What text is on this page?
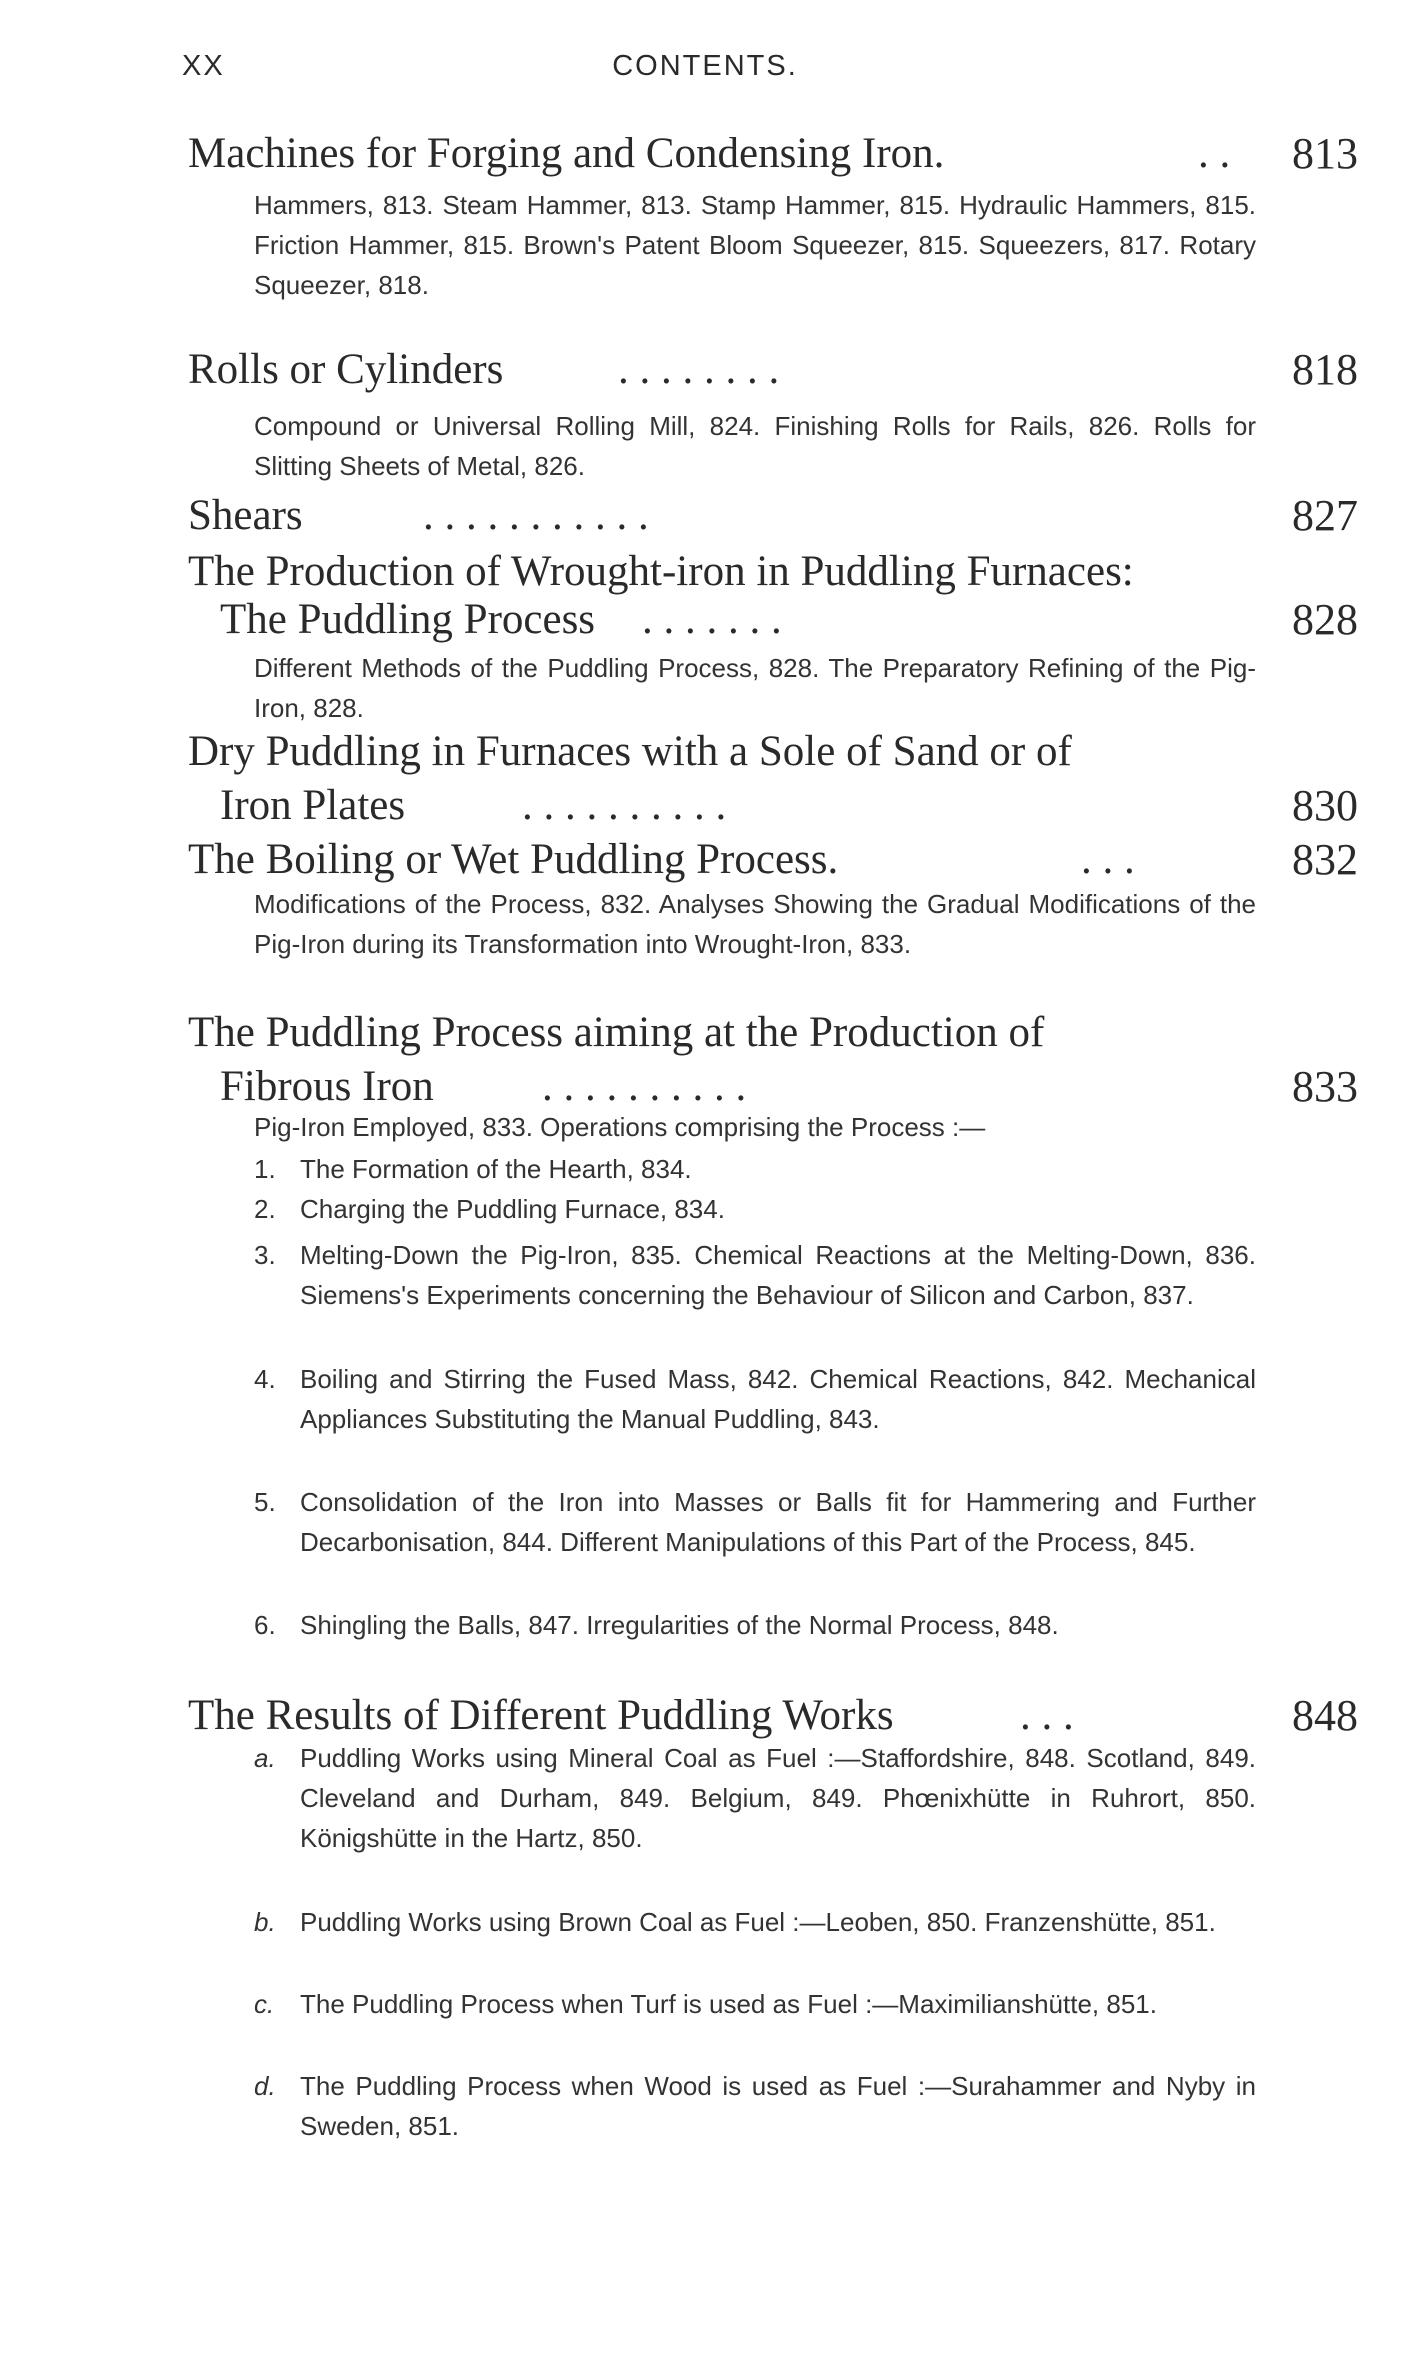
XX	CONTENTS.
Machines for Forging and Condensing Iron.	. . 813
Hammers, 813. Steam Hammer, 813. Stamp Hammer, 815. Hydraulic Hammers, 815. Friction Hammer, 815. Brown's Patent Bloom Squeezer, 815. Squeezers, 817. Rotary Squeezer, 818.
Rolls or Cylinders	. . . . . . . .	818
Compound or Universal Rolling Mill, 824. Finishing Rolls for Rails, 826. Rolls for Slitting Sheets of Metal, 826.
Shears	. . . . . . . . . . .	827
The Production of Wrought-iron in Puddling Furnaces:
The Puddling Process . . . . . . .	828
Different Methods of the Puddling Process, 828. The Preparatory Refining of the Pig-Iron, 828.
Dry Puddling in Furnaces with a Sole of Sand or of
Iron Plates	. . . . . . . . . .	830
The Boiling or Wet Puddling Process.	. . .	832
Modifications of the Process, 832. Analyses Showing the Gradual Modifications of the Pig-Iron during its Transformation into Wrought-Iron, 833.
The Puddling Process aiming at the Production of
Fibrous Iron	. . . . . . . . . .	833
Pig-Iron Employed, 833. Operations comprising the Process :—
1. The Formation of the Hearth, 834.
2. Charging the Puddling Furnace, 834.
3. Melting-Down the Pig-Iron, 835. Chemical Reactions at the Melting-Down, 836. Siemens's Experiments concerning the Behaviour of Silicon and Carbon, 837.
4. Boiling and Stirring the Fused Mass, 842. Chemical Reactions, 842. Mechanical Appliances Substituting the Manual Puddling, 843.
5. Consolidation of the Iron into Masses or Balls fit for Hammering and Further Decarbonisation, 844. Different Manipulations of this Part of the Process, 845.
6. Shingling the Balls, 847. Irregularities of the Normal Process, 848.
The Results of Different Puddling Works	. . .	848
a. Puddling Works using Mineral Coal as Fuel :—Staffordshire, 848. Scotland, 849. Cleveland and Durham, 849. Belgium, 849. Phœnixhütte in Ruhrort, 850. Königshütte in the Hartz, 850.
b. Puddling Works using Brown Coal as Fuel :—Leoben, 850. Franzenshütte, 851.
c. The Puddling Process when Turf is used as Fuel :—Maximilianshütte, 851.
d. The Puddling Process when Wood is used as Fuel :—Surahammer and Nyby in Sweden, 851.
